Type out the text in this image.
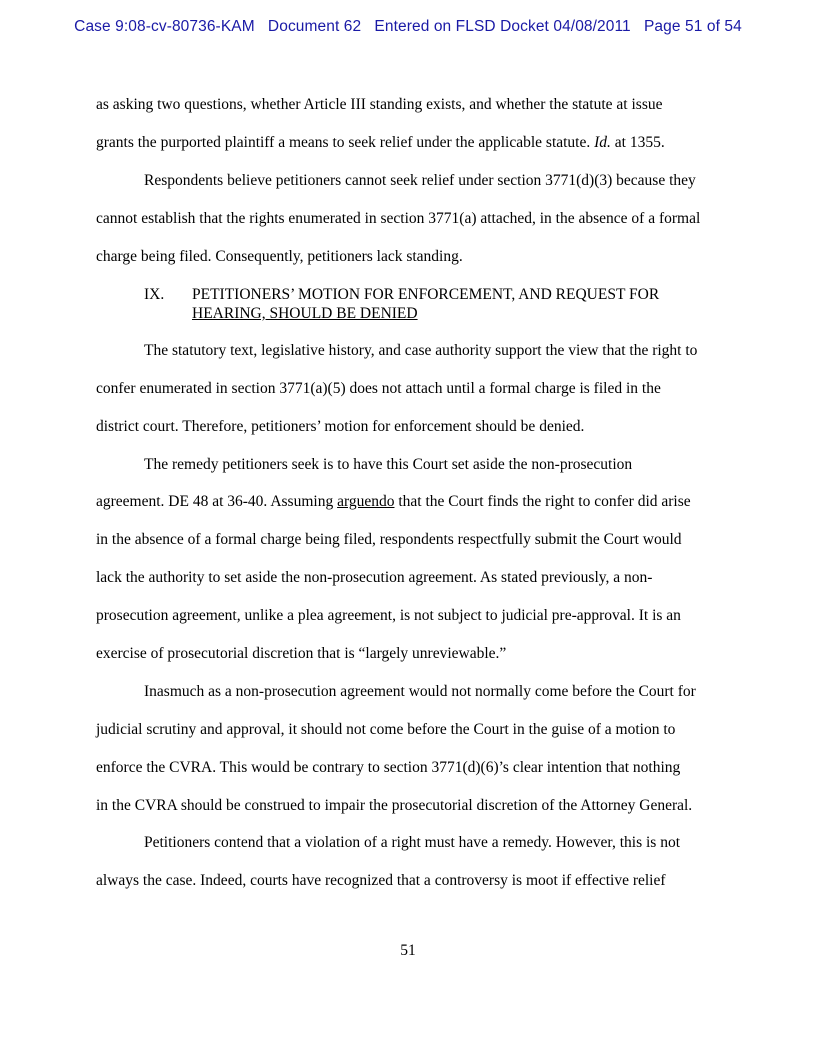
Case 9:08-cv-80736-KAM   Document 62   Entered on FLSD Docket 04/08/2011   Page 51 of 54
as asking two questions, whether Article III standing exists, and whether the statute at issue
grants the purported plaintiff a means to seek relief under the applicable statute. Id. at 1355.
Respondents believe petitioners cannot seek relief under section 3771(d)(3) because they
cannot establish that the rights enumerated in section 3771(a) attached, in the absence of a formal
charge being filed. Consequently, petitioners lack standing.
IX. PETITIONERS’ MOTION FOR ENFORCEMENT, AND REQUEST FOR
HEARING, SHOULD BE DENIED
The statutory text, legislative history, and case authority support the view that the right to
confer enumerated in section 3771(a)(5) does not attach until a formal charge is filed in the
district court. Therefore, petitioners’ motion for enforcement should be denied.
The remedy petitioners seek is to have this Court set aside the non-prosecution
agreement. DE 48 at 36-40. Assuming arguendo that the Court finds the right to confer did arise
in the absence of a formal charge being filed, respondents respectfully submit the Court would
lack the authority to set aside the non-prosecution agreement. As stated previously, a non-
prosecution agreement, unlike a plea agreement, is not subject to judicial pre-approval. It is an
exercise of prosecutorial discretion that is “largely unreviewable.”
Inasmuch as a non-prosecution agreement would not normally come before the Court for
judicial scrutiny and approval, it should not come before the Court in the guise of a motion to
enforce the CVRA. This would be contrary to section 3771(d)(6)’s clear intention that nothing
in the CVRA should be construed to impair the prosecutorial discretion of the Attorney General.
Petitioners contend that a violation of a right must have a remedy. However, this is not
always the case. Indeed, courts have recognized that a controversy is moot if effective relief
51
